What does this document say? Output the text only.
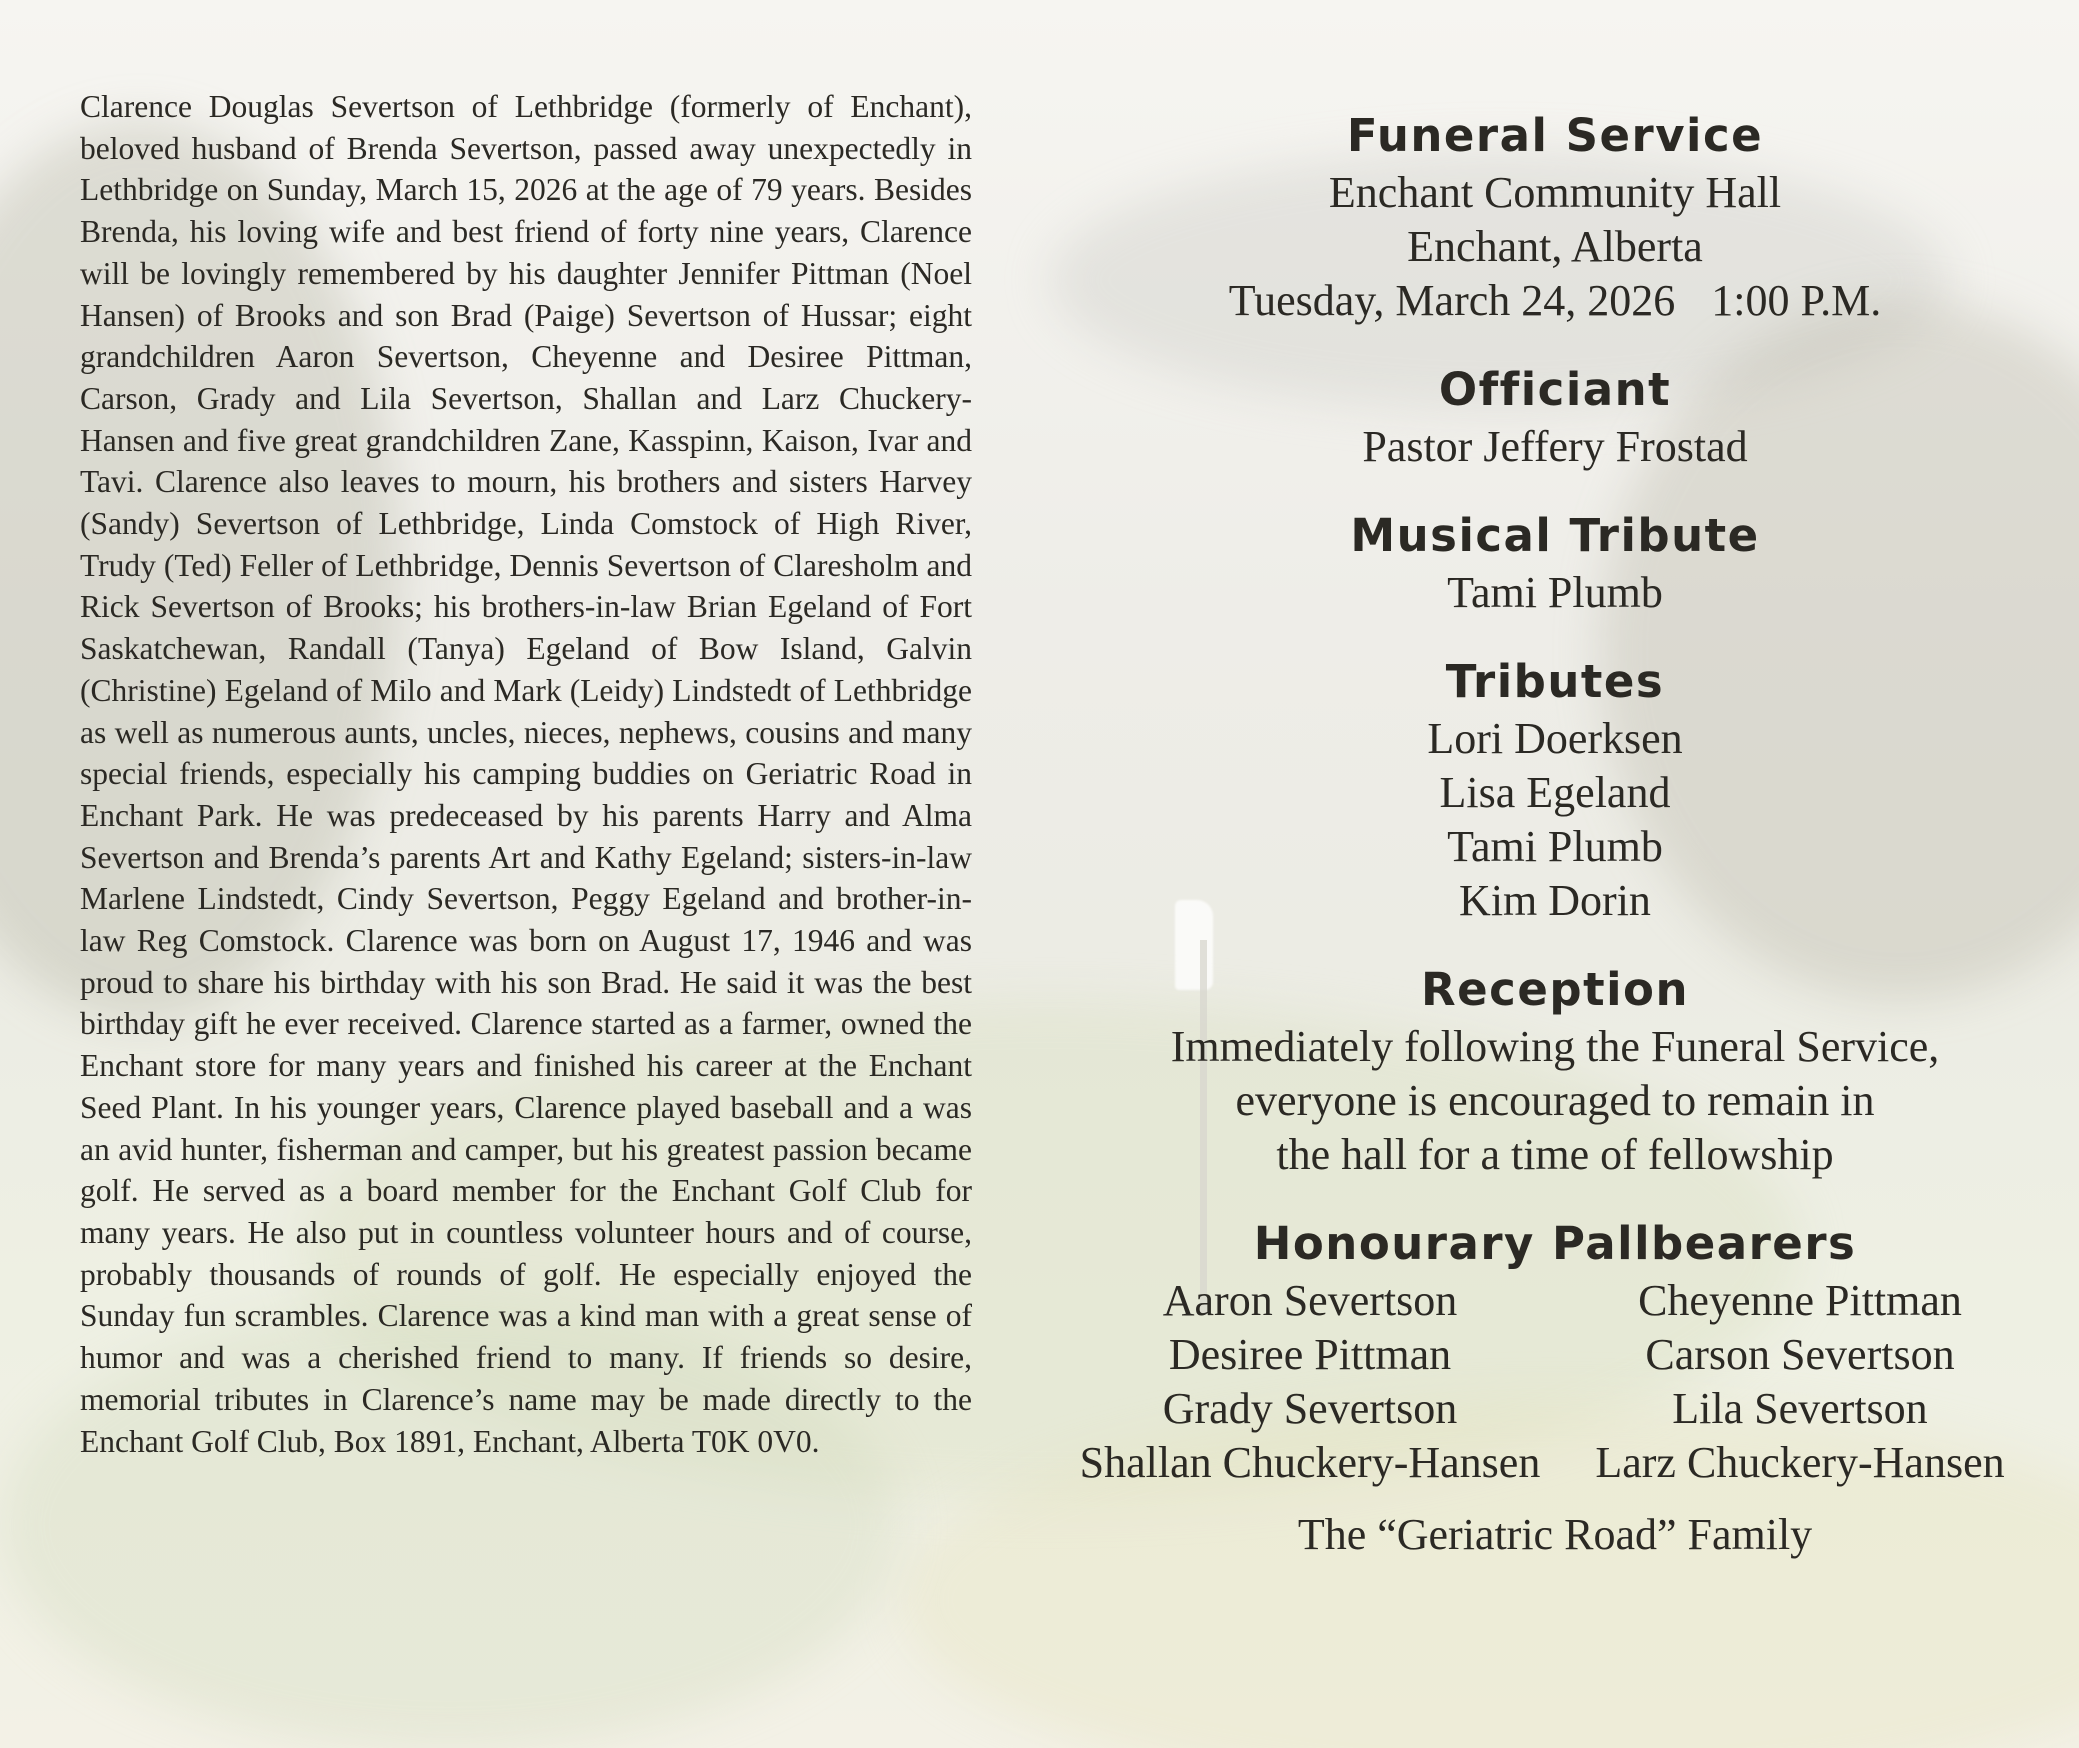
Clarence Douglas Severtson of Lethbridge (formerly of Enchant), beloved husband of Brenda Severtson, passed away unexpectedly in Lethbridge on Sunday, March 15, 2026 at the age of 79 years. Besides Brenda, his loving wife and best friend of forty nine years, Clarence will be lovingly remembered by his daughter Jennifer Pittman (Noel Hansen) of Brooks and son Brad (Paige) Severtson of Hussar; eight grandchildren Aaron Severtson, Cheyenne and Desiree Pittman, Carson, Grady and Lila Severtson, Shallan and Larz Chuckery-Hansen and five great grandchildren Zane, Kasspinn, Kaison, Ivar and Tavi. Clarence also leaves to mourn, his brothers and sisters Harvey (Sandy) Severtson of Lethbridge, Linda Comstock of High River, Trudy (Ted) Feller of Lethbridge, Dennis Severtson of Claresholm and Rick Severtson of Brooks; his brothers-in-law Brian Egeland of Fort Saskatchewan, Randall (Tanya) Egeland of Bow Island, Galvin (Christine) Egeland of Milo and Mark (Leidy) Lindstedt of Lethbridge as well as numerous aunts, uncles, nieces, nephews, cousins and many special friends, especially his camping buddies on Geriatric Road in Enchant Park. He was predeceased by his parents Harry and Alma Severtson and Brenda’s parents Art and Kathy Egeland; sisters-in-law Marlene Lindstedt, Cindy Severtson, Peggy Egeland and brother-in-law Reg Comstock. Clarence was born on August 17, 1946 and was proud to share his birthday with his son Brad. He said it was the best birthday gift he ever received. Clarence started as a farmer, owned the Enchant store for many years and finished his career at the Enchant Seed Plant. In his younger years, Clarence played baseball and a was an avid hunter, fisherman and camper, but his greatest passion became golf. He served as a board member for the Enchant Golf Club for many years. He also put in countless volunteer hours and of course, probably thousands of rounds of golf. He especially enjoyed the Sunday fun scrambles. Clarence was a kind man with a great sense of humor and was a cherished friend to many. If friends so desire, memorial tributes in Clarence’s name may be made directly to the Enchant Golf Club, Box 1891, Enchant, Alberta T0K 0V0.

Funeral Service
Enchant Community Hall
Enchant, Alberta
Tuesday, March 24, 2026 1:00 P.M.
Officiant
Pastor Jeffery Frostad
Musical Tribute
Tami Plumb
Tributes
Lori Doerksen
Lisa Egeland
Tami Plumb
Kim Dorin
Reception
Immediately following the Funeral Service,
everyone is encouraged to remain in
the hall for a time of fellowship
Honourary Pallbearers
Aaron Severtson
Desiree Pittman
Grady Severtson
Shallan Chuckery-Hansen
Cheyenne Pittman
Carson Severtson
Lila Severtson
Larz Chuckery-Hansen
The “Geriatric Road” Family
